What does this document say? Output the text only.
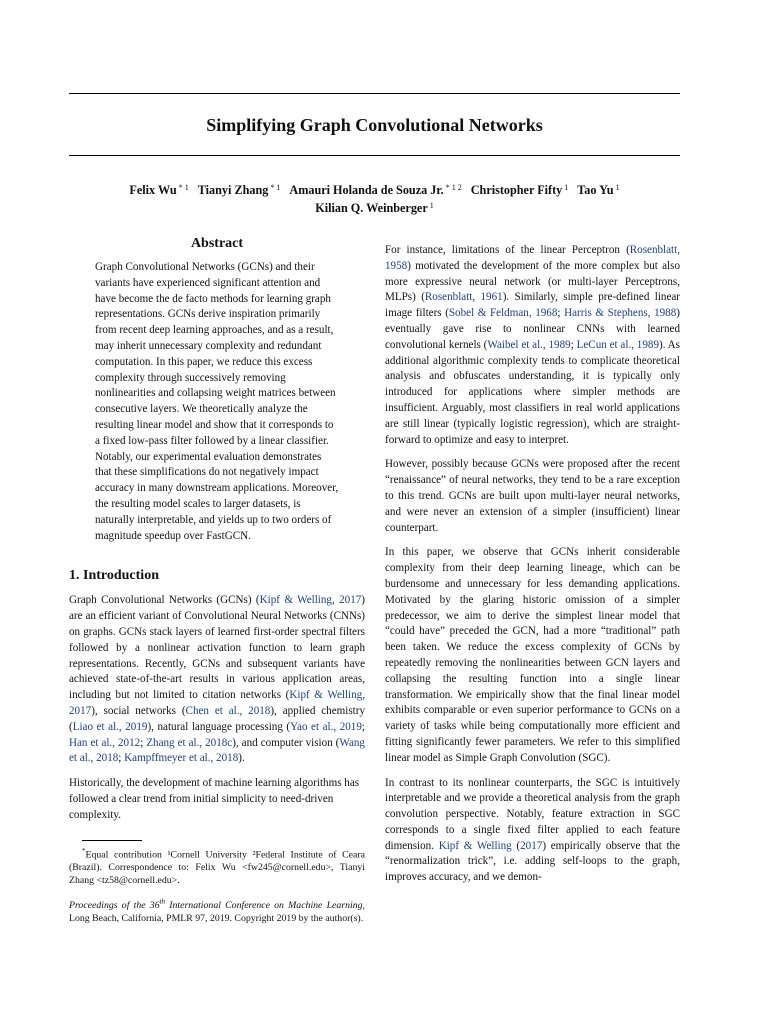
Simplifying Graph Convolutional Networks
Felix Wu $^{* 1}$ Tianyi Zhang $^{* 1}$ Amauri Holanda de Souza Jr. $^{* 1 2}$ Christopher Fifty $^1$ Tao Yu $^1$
Kilian Q. Weinberger $^1$
Abstract

Graph Convolutional Networks (GCNs) and their variants have experienced significant attention and have become the de facto methods for learning graph representations. GCNs derive inspiration primarily from recent deep learning approaches, and as a result, may inherit unnecessary complexity and redundant computation. In this paper, we reduce this excess complexity through successively removing nonlinearities and collapsing weight matrices between consecutive layers. We theoretically analyze the resulting linear model and show that it corresponds to a fixed low-pass filter followed by a linear classifier. Notably, our experimental evaluation demonstrates that these simplifications do not negatively impact accuracy in many downstream applications. Moreover, the resulting model scales to larger datasets, is naturally interpretable, and yields up to two orders of magnitude speedup over FastGCN.

1. Introduction

Graph Convolutional Networks (GCNs) (Kipf & Welling, 2017) are an efficient variant of Convolutional Neural Networks (CNNs) on graphs. GCNs stack layers of learned first-order spectral filters followed by a nonlinear activation function to learn graph representations. Recently, GCNs and subsequent variants have achieved state-of-the-art results in various application areas, including but not limited to citation networks (Kipf & Welling, 2017), social networks (Chen et al., 2018), applied chemistry (Liao et al., 2019), natural language processing (Yao et al., 2019; Han et al., 2012; Zhang et al., 2018c), and computer vision (Wang et al., 2018; Kampffmeyer et al., 2018).

Historically, the development of machine learning algorithms has followed a clear trend from initial simplicity to need-driven complexity.

*Equal contribution ¹Cornell University ²Federal Institute of Ceara (Brazil). Correspondence to: Felix Wu <fw245@cornell.edu>, Tianyi Zhang <tz58@cornell.edu>.

Proceedings of the 36th International Conference on Machine Learning, Long Beach, California, PMLR 97, 2019. Copyright 2019 by the author(s).

For instance, limitations of the linear Perceptron (Rosenblatt, 1958) motivated the development of the more complex but also more expressive neural network (or multi-layer Perceptrons, MLPs) (Rosenblatt, 1961). Similarly, simple pre-defined linear image filters (Sobel & Feldman, 1968; Harris & Stephens, 1988) eventually gave rise to nonlinear CNNs with learned convolutional kernels (Waibel et al., 1989; LeCun et al., 1989). As additional algorithmic complexity tends to complicate theoretical analysis and obfuscates understanding, it is typically only introduced for applications where simpler methods are insufficient. Arguably, most classifiers in real world applications are still linear (typically logistic regression), which are straight-forward to optimize and easy to interpret.

However, possibly because GCNs were proposed after the recent “renaissance” of neural networks, they tend to be a rare exception to this trend. GCNs are built upon multi-layer neural networks, and were never an extension of a simpler (insufficient) linear counterpart.

In this paper, we observe that GCNs inherit considerable complexity from their deep learning lineage, which can be burdensome and unnecessary for less demanding applications. Motivated by the glaring historic omission of a simpler predecessor, we aim to derive the simplest linear model that “could have” preceded the GCN, had a more “traditional” path been taken. We reduce the excess complexity of GCNs by repeatedly removing the nonlinearities between GCN layers and collapsing the resulting function into a single linear transformation. We empirically show that the final linear model exhibits comparable or even superior performance to GCNs on a variety of tasks while being computationally more efficient and fitting significantly fewer parameters. We refer to this simplified linear model as Simple Graph Convolution (SGC).

In contrast to its nonlinear counterparts, the SGC is intuitively interpretable and we provide a theoretical analysis from the graph convolution perspective. Notably, feature extraction in SGC corresponds to a single fixed filter applied to each feature dimension. Kipf & Welling (2017) empirically observe that the “renormalization trick”, i.e. adding self-loops to the graph, improves accuracy, and we demon-
